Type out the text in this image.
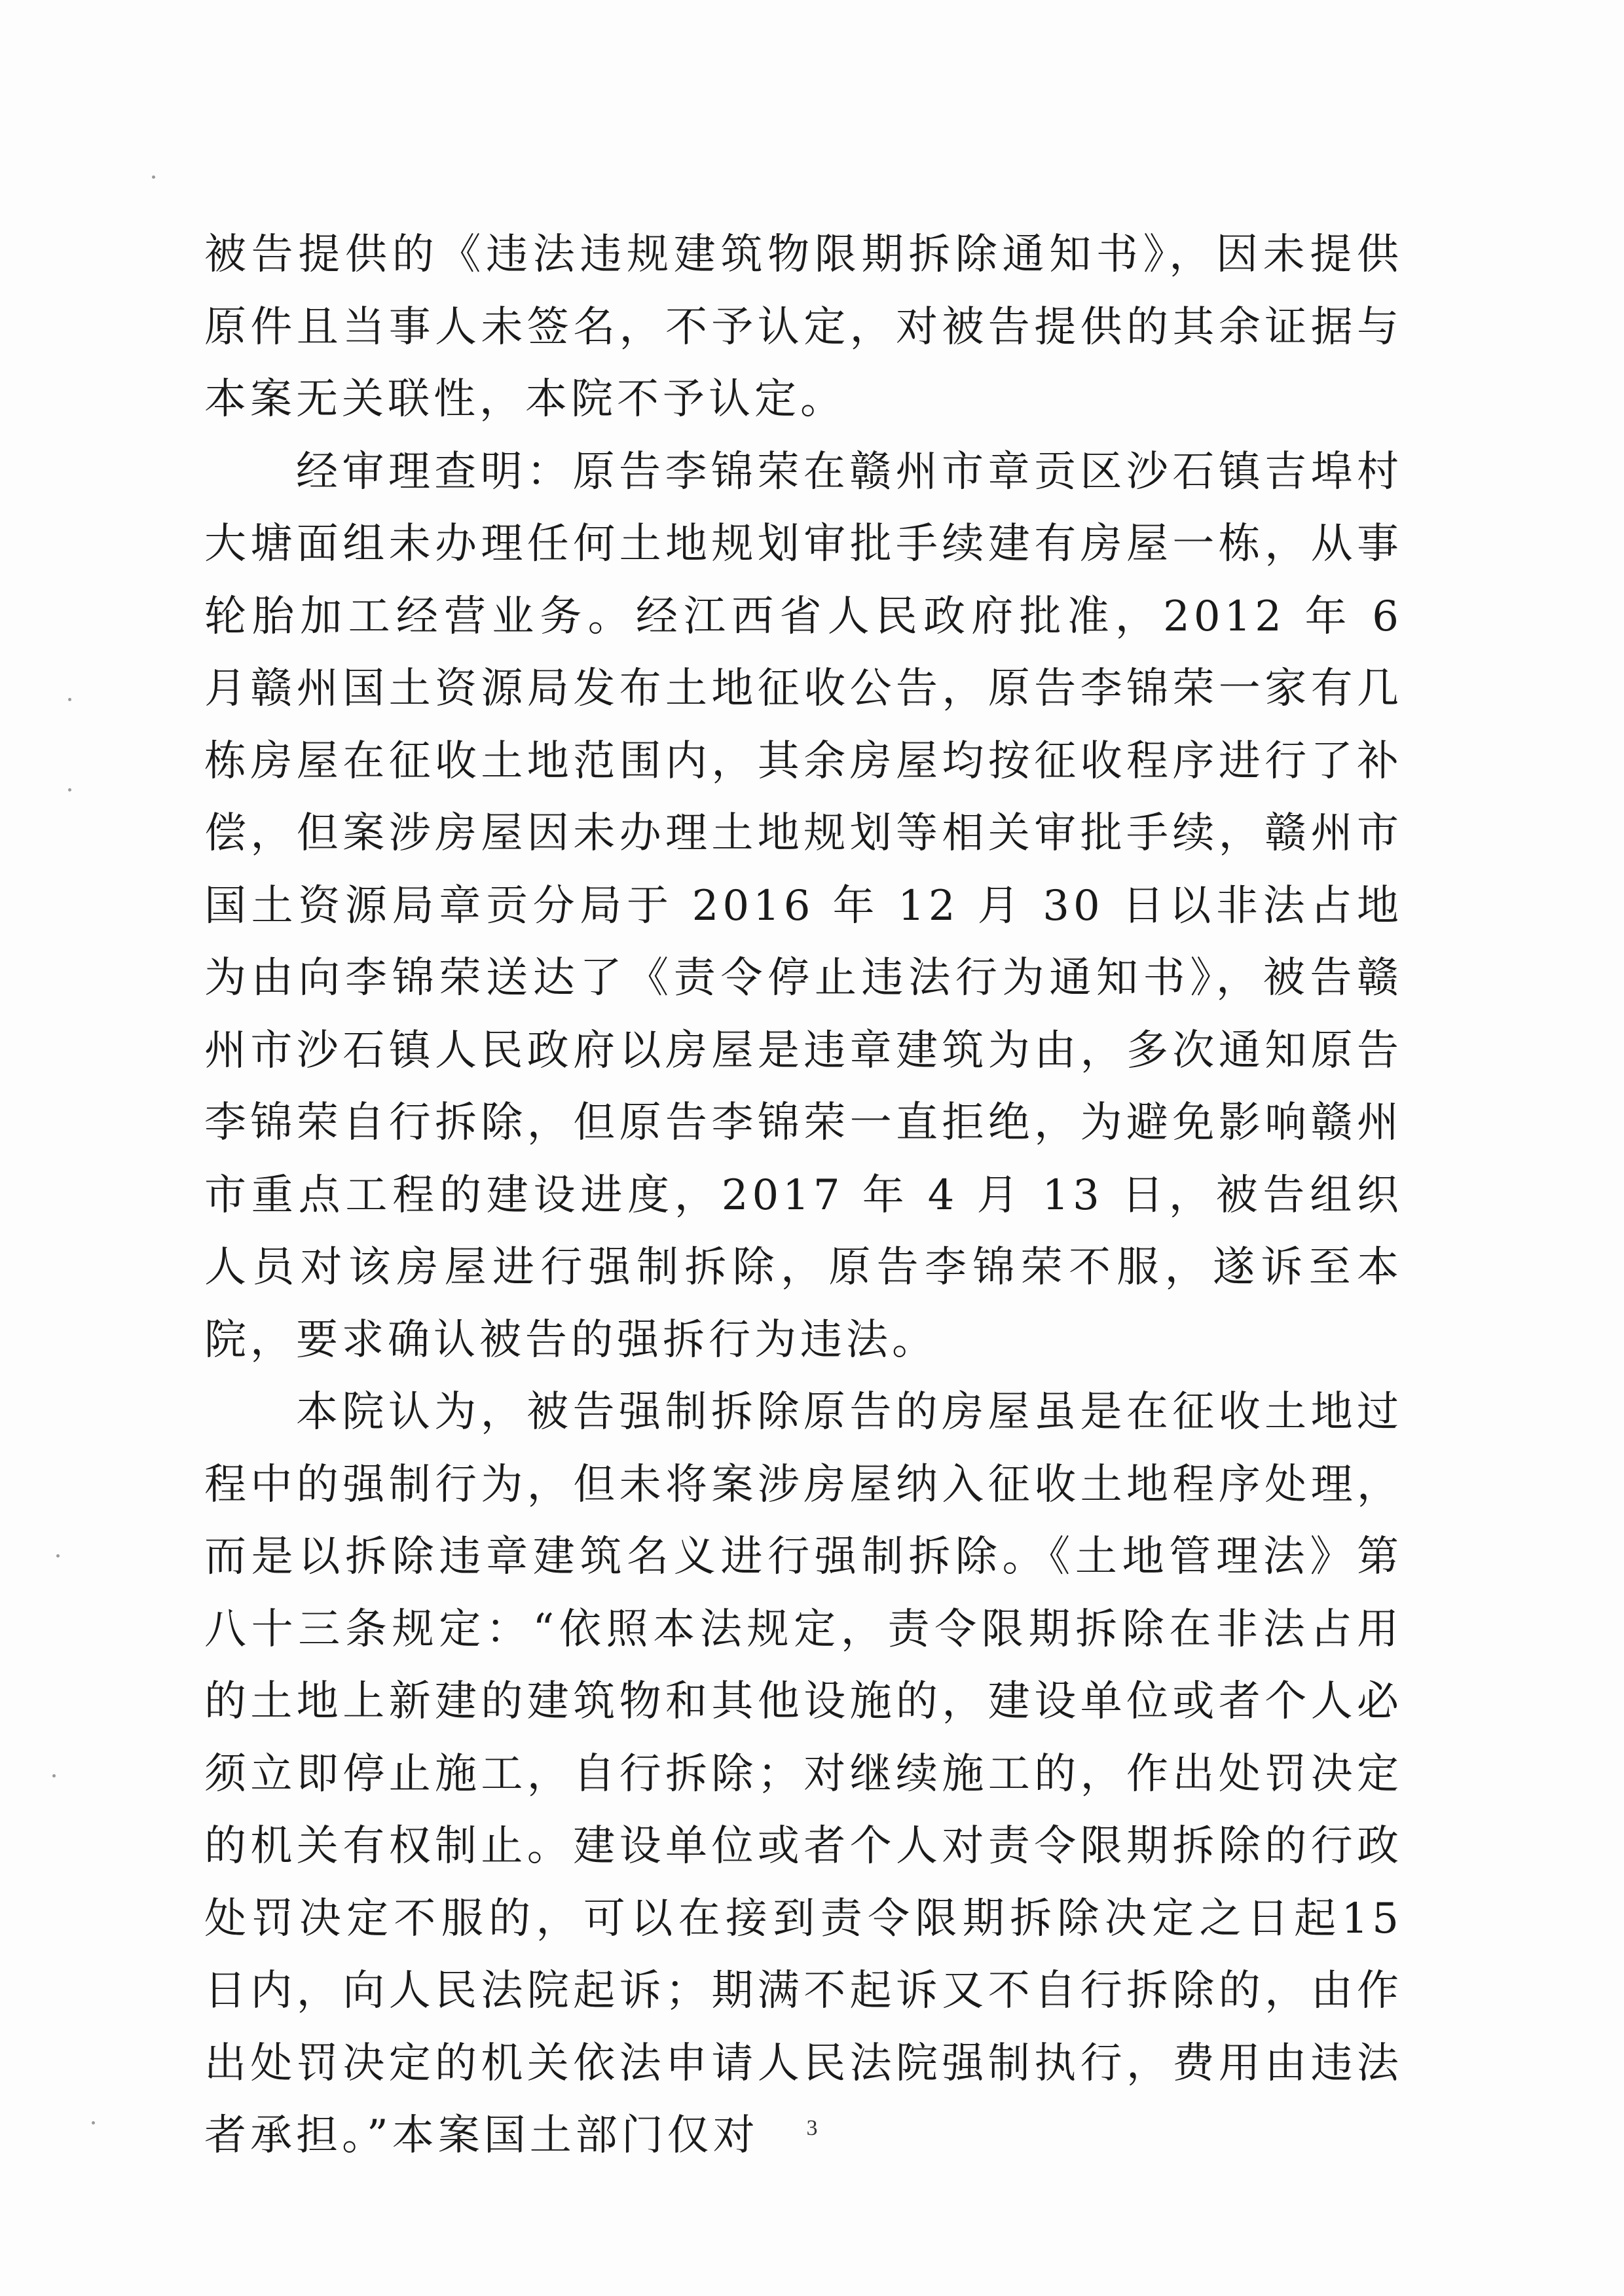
被告提供的《违法违规建筑物限期拆除通知书》，因未提供原件且当事人未签名，不予认定，对被告提供的其余证据与本案无关联性，本院不予认定。

经审理查明：原告李锦荣在赣州市章贡区沙石镇吉埠村大塘面组未办理任何土地规划审批手续建有房屋一栋，从事轮胎加工经营业务。经江西省人民政府批准，2012 年 6 月赣州国土资源局发布土地征收公告，原告李锦荣一家有几栋房屋在征收土地范围内，其余房屋均按征收程序进行了补偿，但案涉房屋因未办理土地规划等相关审批手续，赣州市国土资源局章贡分局于 2016 年 12 月 30 日以非法占地为由向李锦荣送达了《责令停止违法行为通知书》，被告赣州市沙石镇人民政府以房屋是违章建筑为由，多次通知原告李锦荣自行拆除，但原告李锦荣一直拒绝，为避免影响赣州市重点工程的建设进度，2017 年 4 月 13 日，被告组织人员对该房屋进行强制拆除，原告李锦荣不服，遂诉至本院，要求确认被告的强拆行为违法。

本院认为，被告强制拆除原告的房屋虽是在征收土地过程中的强制行为，但未将案涉房屋纳入征收土地程序处理，而是以拆除违章建筑名义进行强制拆除。《土地管理法》第八十三条规定：“依照本法规定，责令限期拆除在非法占用的土地上新建的建筑物和其他设施的，建设单位或者个人必须立即停止施工，自行拆除；对继续施工的，作出处罚决定的机关有权制止。建设单位或者个人对责令限期拆除的行政处罚决定不服的，可以在接到责令限期拆除决定之日起15日内，向人民法院起诉；期满不起诉又不自行拆除的，由作出处罚决定的机关依法申请人民法院强制执行，费用由违法者承担。”本案国土部门仅对	3
